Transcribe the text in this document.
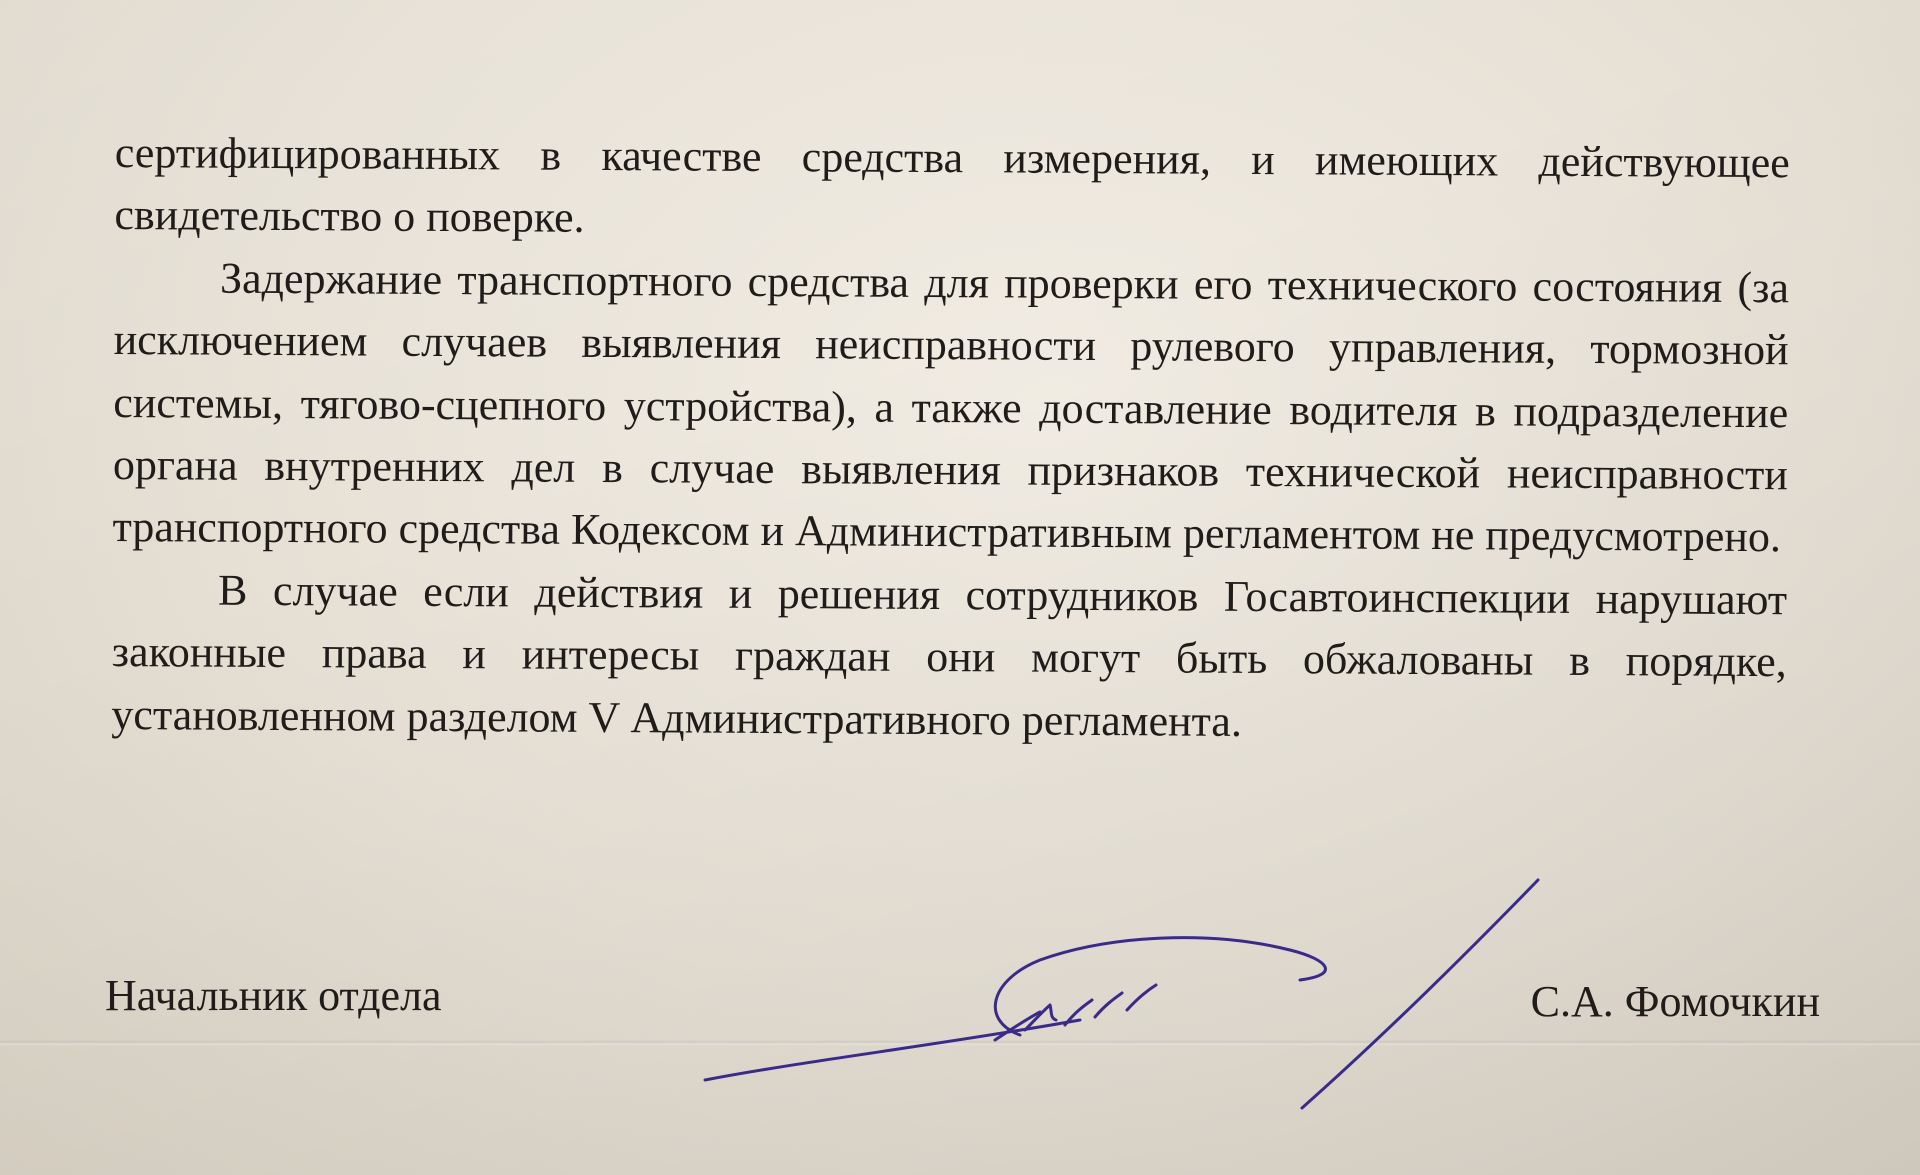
сертифицированных в качестве средства измерения, и имеющих действующее свидетельство о поверке.

Задержание транспортного средства для проверки его технического состояния (за исключением случаев выявления неисправности рулевого управления, тормозной системы, тягово-сцепного устройства), а также доставление водителя в подразделение органа внутренних дел в случае выявления признаков технической неисправности транспортного средства Кодексом и Административным регламентом не предусмотрено.

В случае если действия и решения сотрудников Госавтоинспекции нарушают законные права и интересы граждан они могут быть обжалованы в порядке, установленном разделом V Административного регламента.

Начальник отдела	С.А. Фомочкин
